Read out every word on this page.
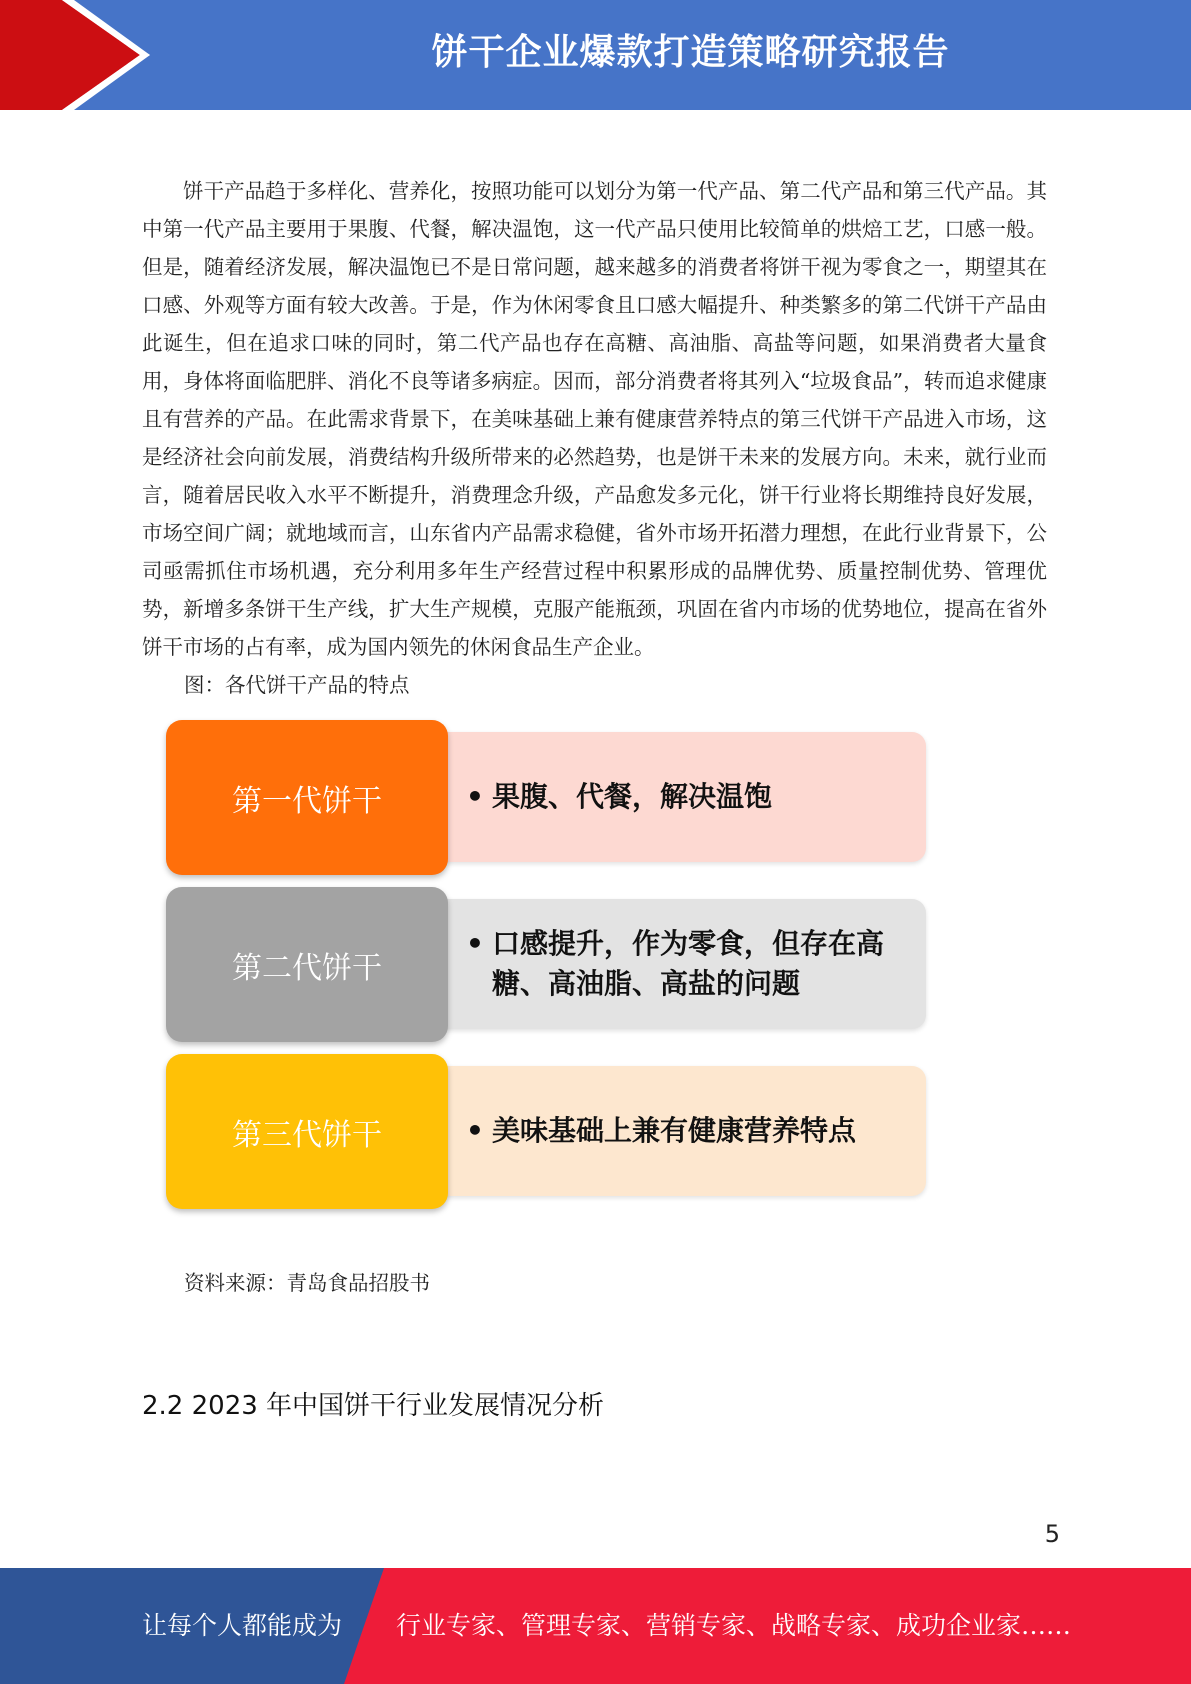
饼干企业爆款打造策略研究报告

饼干产品趋于多样化、营养化，按照功能可以划分为第一代产品、第二代产品和第三代产品。其中第一代产品主要用于果腹、代餐，解决温饱，这一代产品只使用比较简单的烘焙工艺，口感一般。但是，随着经济发展，解决温饱已不是日常问题，越来越多的消费者将饼干视为零食之一，期望其在口感、外观等方面有较大改善。于是，作为休闲零食且口感大幅提升、种类繁多的第二代饼干产品由此诞生，但在追求口味的同时，第二代产品也存在高糖、高油脂、高盐等问题，如果消费者大量食用，身体将面临肥胖、消化不良等诸多病症。因而，部分消费者将其列入“垃圾食品”，转而追求健康且有营养的产品。在此需求背景下，在美味基础上兼有健康营养特点的第三代饼干产品进入市场，这是经济社会向前发展，消费结构升级所带来的必然趋势，也是饼干未来的发展方向。未来，就行业而言，随着居民收入水平不断提升，消费理念升级，产品愈发多元化，饼干行业将长期维持良好发展，市场空间广阔；就地域而言，山东省内产品需求稳健，省外市场开拓潜力理想，在此行业背景下，公司亟需抓住市场机遇，充分利用多年生产经营过程中积累形成的品牌优势、质量控制优势、管理优势，新增多条饼干生产线，扩大生产规模，克服产能瓶颈，巩固在省内市场的优势地位，提高在省外饼干市场的占有率，成为国内领先的休闲食品生产企业。

图：各代饼干产品的特点

• 果腹、代餐，解决温饱
第一代饼干
• 口感提升，作为零食，但存在高糖、高油脂、高盐的问题
第二代饼干
• 美味基础上兼有健康营养特点
第三代饼干

资料来源：青岛食品招股书

2.2 2023 年中国饼干行业发展情况分析
5
让每个人都能成为 行业专家、管理专家、营销专家、战略专家、成功企业家……
